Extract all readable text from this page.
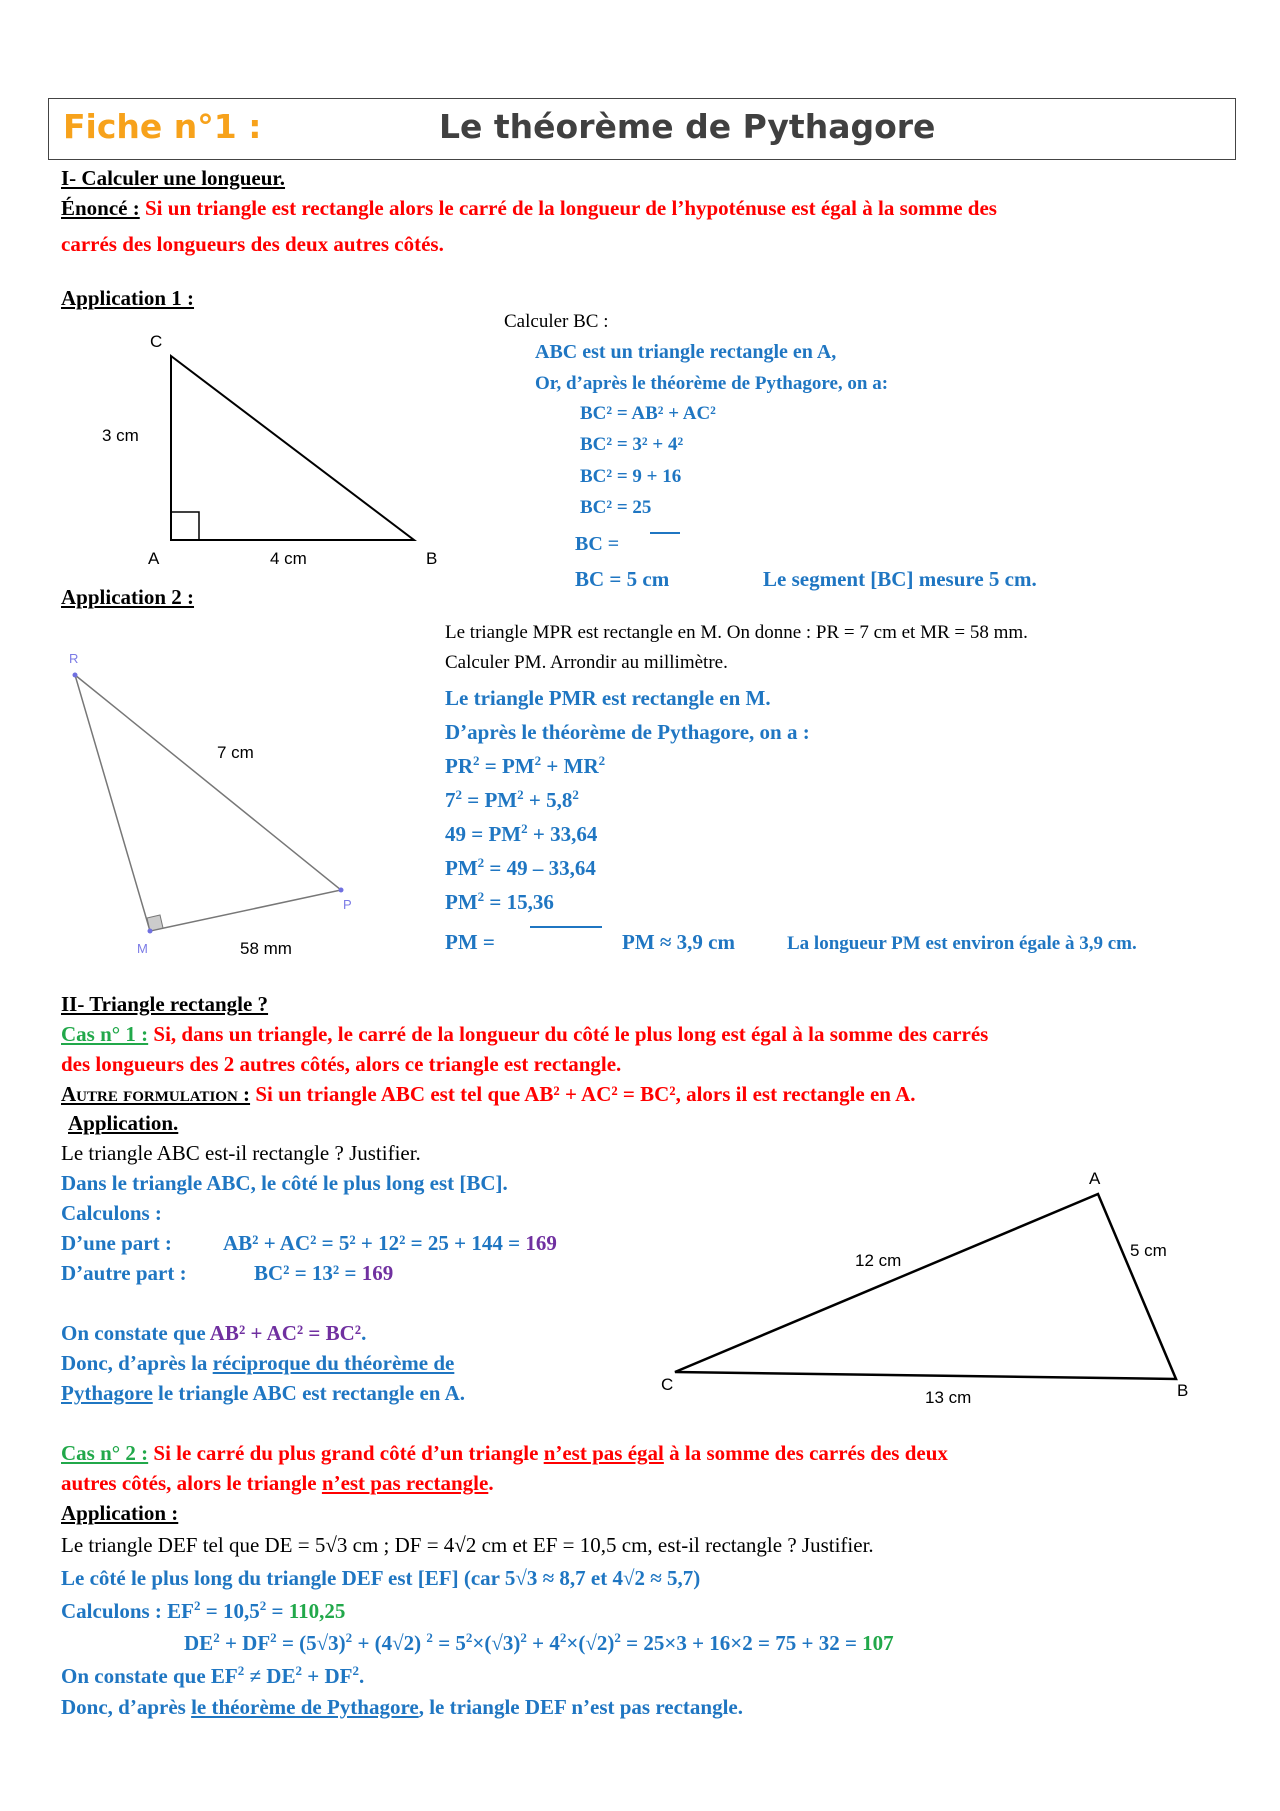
Fiche n°1 :	Le théorème de Pythagore
I- Calculer une longueur.
Énoncé : Si un triangle est rectangle alors le carré de la longueur de l’hypoténuse est égal à la somme des
carrés des longueurs des deux autres côtés.
Application 1 :
C
A	B
3 cm
4 cm
Calculer BC :
ABC est un triangle rectangle en A,
Or, d’après le théorème de Pythagore, on a:
BC² = AB² + AC²
BC² = 3² + 4²
BC² = 9 + 16
BC² = 25
BC =
BC = 5 cm	Le segment [BC] mesure 5 cm.
Application 2 :
R
P
M
7 cm
58 mm
Le triangle MPR est rectangle en M. On donne : PR = 7 cm et MR = 58 mm.
Calculer PM. Arrondir au millimètre.
Le triangle PMR est rectangle en M.
D’après le théorème de Pythagore, on a :
$PR^2 = PM^2 + MR^2$
$7^2 = PM^2 + 5,8^2$
$49 = PM^2 + 33,64$
$PM^2 = 49 - 33,64$
$PM^2 = 15,36$
PM =	PM ≈ 3,9 cm	La longueur PM est environ égale à 3,9 cm.
II- Triangle rectangle ?
Cas n° 1 : Si, dans un triangle, le carré de la longueur du côté le plus long est égal à la somme des carrés
des longueurs des 2 autres côtés, alors ce triangle est rectangle.
Autre formulation : Si un triangle ABC est tel que AB² + AC² = BC², alors il est rectangle en A.
Application.
Le triangle ABC est-il rectangle ? Justifier.
Dans le triangle ABC, le côté le plus long est [BC].
Calculons :
D’une part : AB² + AC² = 5² + 12² = 25 + 144 = 169
D’autre part :	BC² = 13² = 169
On constate que AB² + AC² = BC².
Donc, d’après la réciproque du théorème de
Pythagore le triangle ABC est rectangle en A.
A
B
C
12 cm
5 cm
13 cm
Cas n° 2 : Si le carré du plus grand côté d’un triangle n’est pas égal à la somme des carrés des deux
autres côtés, alors le triangle n’est pas rectangle.
Application :
Le triangle DEF tel que DE = 5√3 cm ; DF = 4√2 cm et EF = 10,5 cm, est-il rectangle ? Justifier.
Le côté le plus long du triangle DEF est [EF] (car 5√3 ≈ 8,7 et 4√2 ≈ 5,7)
Calculons : $EF^2 = 10,5^2 = 110,25$
$DE^2 + DF^2 = (5√3)^2 + (4√2) ^2 = 5^2\times(√3)^2 + 4^2\times(√2)^2 = 25\times 3 + 16\times 2 = 75 + 32 = 107$
On constate que $EF^2 \ne DE^2 + DF^2$.
Donc, d’après le théorème de Pythagore, le triangle DEF n’est pas rectangle.
